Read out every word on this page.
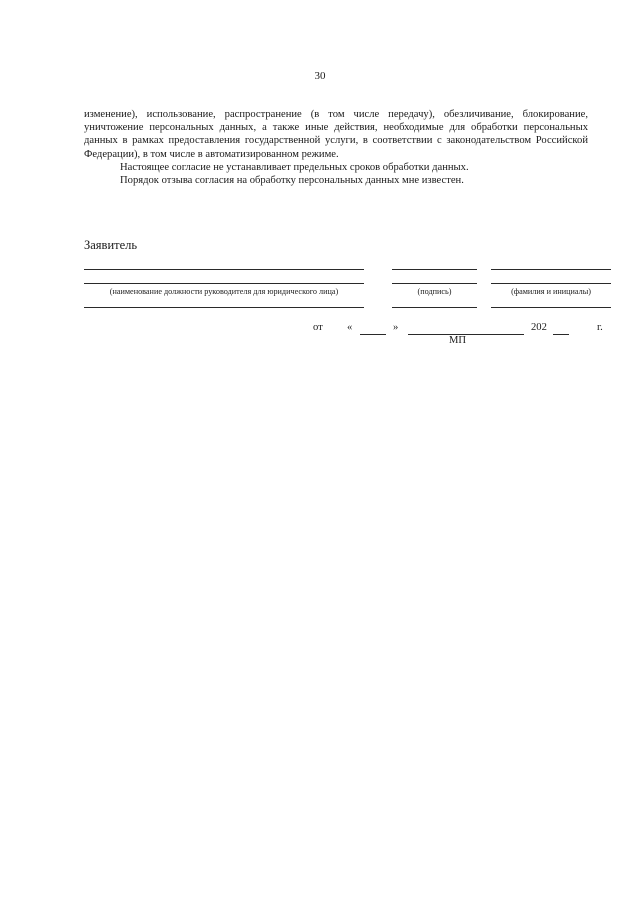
30

изменение), использование, распространение (в том числе передачу), обезличивание, блокирование, уничтожение персональных данных, а также иные действия, необходимые для обработки персональных данных в рамках предоставления государственной услуги, в соответствии с законодательством Российской Федерации), в том числе в автоматизированном режиме.

Настоящее согласие не устанавливает предельных сроков обработки данных.

Порядок отзыва согласия на обработку персональных данных мне известен.

Заявитель
(наименование должности руководителя для юридического лица)	(подпись)	(фамилия и инициалы)
от «	»	202	г.
МП
